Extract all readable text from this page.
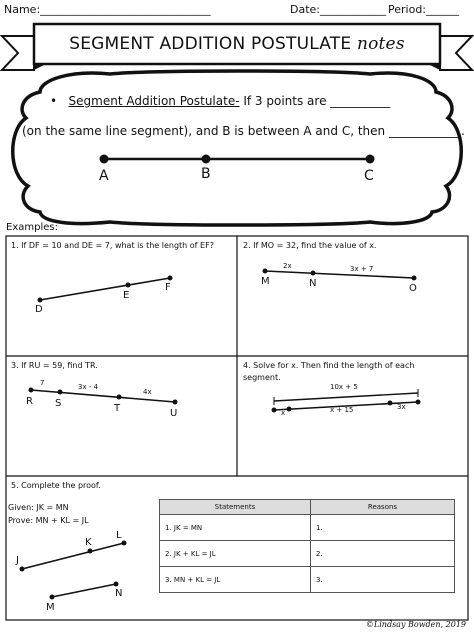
Name:_______________________________	Date:____________ Period:______
SEGMENT ADDITION POSTULATE notes
• Segment Addition Postulate- If 3 points are __________
(on the same line segment), and B is between A and C, then ____________.
A	B	C
Examples:
1. If DF = 10 and DE = 7, what is the length of EF?
D
E
F
2. If MO = 32, find the value of x.
2x	3x + 7
M	N	O
3. If RU = 59, find TR.
7	3x - 4
4x
R S	T	U
4. Solve for x. Then find the length of each
segment.
10x + 5
x	x + 15	3x
5. Complete the proof.
Given: JK = MN
Prove: MN + KL = JL
J
K
L
M
N
Statements	Reasons
1. JK = MN	1.
2. JK + KL = JL	2.
3. MN + KL = JL	3.
©Lindsay Bowden, 2019
